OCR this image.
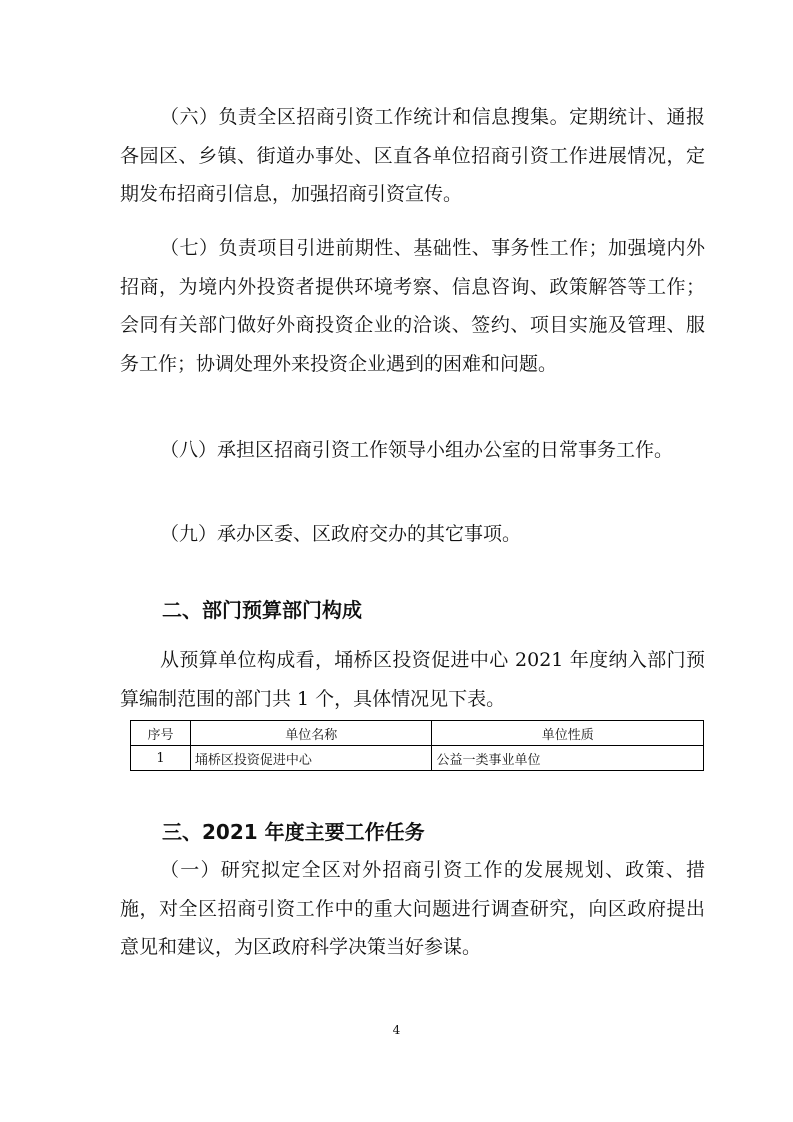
（六）负责全区招商引资工作统计和信息搜集。定期统计、通报各园区、乡镇、街道办事处、区直各单位招商引资工作进展情况，定期发布招商引信息，加强招商引资宣传。

（七）负责项目引进前期性、基础性、事务性工作；加强境内外招商，为境内外投资者提供环境考察、信息咨询、政策解答等工作；会同有关部门做好外商投资企业的洽谈、签约、项目实施及管理、服务工作；协调处理外来投资企业遇到的困难和问题。

（八）承担区招商引资工作领导小组办公室的日常事务工作。

（九）承办区委、区政府交办的其它事项。

二、部门预算部门构成

从预算单位构成看，埇桥区投资促进中心 2021 年度纳入部门预算编制范围的部门共 1 个，具体情况见下表。

序号	单位名称	单位性质
1	埇桥区投资促进中心	公益一类事业单位
三、2021 年度主要工作任务

（一）研究拟定全区对外招商引资工作的发展规划、政策、措施，对全区招商引资工作中的重大问题进行调查研究，向区政府提出意见和建议，为区政府科学决策当好参谋。

4
